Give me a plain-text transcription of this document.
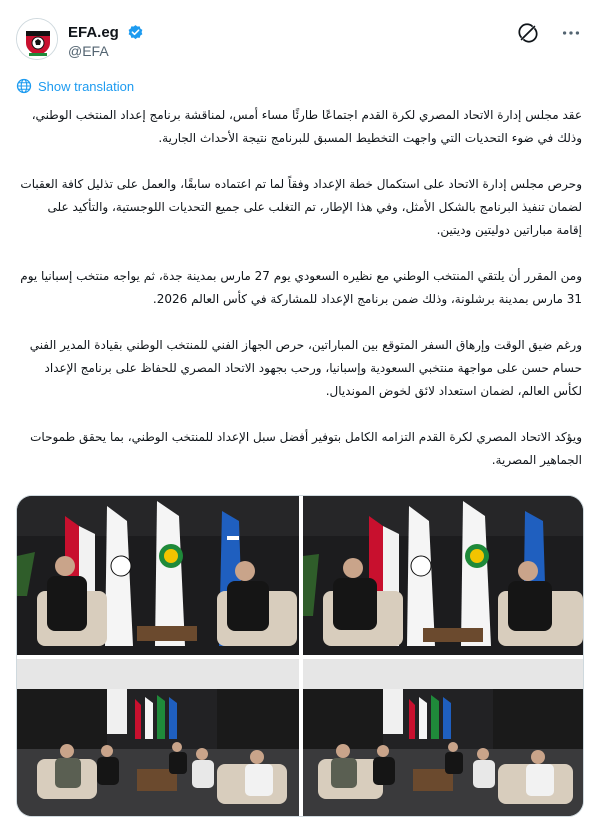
EFA.eg
@EFA

Show translation

عقد مجلس إدارة الاتحاد المصري لكرة القدم اجتماعًا طارئًا مساء أمس، لمناقشة برنامج إعداد المنتخب الوطني، وذلك في ضوء التحديات التي واجهت التخطيط المسبق للبرنامج نتيجة الأحداث الجارية.

وحرص مجلس إدارة الاتحاد على استكمال خطة الإعداد وفقاً لما تم اعتماده سابقًا، والعمل على تذليل كافة العقبات لضمان تنفيذ البرنامج بالشكل الأمثل، وفي هذا الإطار، تم التغلب على جميع التحديات اللوجستية، والتأكيد على إقامة مباراتين دوليتين وديتين.

ومن المقرر أن يلتقي المنتخب الوطني مع نظيره السعودي يوم 27 مارس بمدينة جدة، ثم يواجه منتخب إسبانيا يوم 31 مارس بمدينة برشلونة، وذلك ضمن برنامج الإعداد للمشاركة في كأس العالم 2026.

ورغم ضيق الوقت وإرهاق السفر المتوقع بين المباراتين، حرص الجهاز الفني للمنتخب الوطني بقيادة المدير الفني حسام حسن على مواجهة منتخبي السعودية وإسبانيا، ورحب بجهود الاتحاد المصري للحفاظ على برنامج الإعداد لكأس العالم، لضمان استعداد لائق لخوض المونديال.

ويؤكد الاتحاد المصري لكرة القدم التزامه الكامل بتوفير أفضل سبل الإعداد للمنتخب الوطني، بما يحقق طموحات الجماهير المصرية.
